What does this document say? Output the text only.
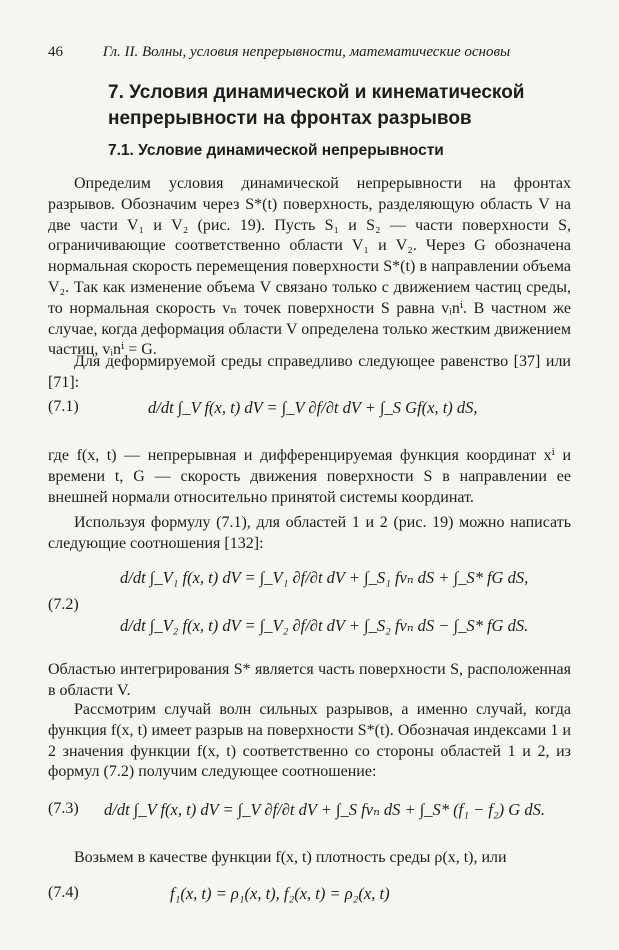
46	Гл. II. Волны, условия непрерывности, математические основы
7. Условия динамической и кинематической непрерывности на фронтах разрывов
7.1. Условие динамической непрерывности
Определим условия динамической непрерывности на фронтах разрывов. Обозначим через S*(t) поверхность, разделяющую область V на две части V₁ и V₂ (рис. 19). Пусть S₁ и S₂ — части поверхности S, ограничивающие соответственно области V₁ и V₂. Через G обозначена нормальная скорость перемещения поверхности S*(t) в направлении объема V₂. Так как изменение объема V связано только с движением частиц среды, то нормальная скорость vₙ точек поверхности S равна vᵢnⁱ. В частном же случае, когда деформация области V определена только жестким движением частиц, vᵢnⁱ = G.
Для деформируемой среды справедливо следующее равенство [37] или [71]:
(7.1)	d/dt ∫_V f(x, t) dV = ∫_V ∂f/∂t dV + ∫_S Gf(x, t) dS,
где f(x, t) — непрерывная и дифференцируемая функция координат xⁱ и времени t, G — скорость движения поверхности S в направлении ее внешней нормали относительно принятой системы координат.
Используя формулу (7.1), для областей 1 и 2 (рис. 19) можно написать следующие соотношения [132]:
(7.2)
d/dt ∫_V₁ f(x, t) dV = ∫_V₁ ∂f/∂t dV + ∫_S₁ fvₙ dS + ∫_S* fG dS,
d/dt ∫_V₂ f(x, t) dV = ∫_V₂ ∂f/∂t dV + ∫_S₂ fvₙ dS − ∫_S* fG dS.
Областью интегрирования S* является часть поверхности S, расположенная в области V.
Рассмотрим случай волн сильных разрывов, а именно случай, когда функция f(x, t) имеет разрыв на поверхности S*(t). Обозначая индексами 1 и 2 значения функции f(x, t) соответственно со стороны областей 1 и 2, из формул (7.2) получим следующее соотношение:
(7.3) d/dt ∫_V f(x, t) dV = ∫_V ∂f/∂t dV + ∫_S fvₙ dS + ∫_S* (f₁ − f₂) G dS.
Возьмем в качестве функции f(x, t) плотность среды ρ(x, t), или
(7.4)	f₁(x, t) = ρ₁(x, t), f₂(x, t) = ρ₂(x, t)
